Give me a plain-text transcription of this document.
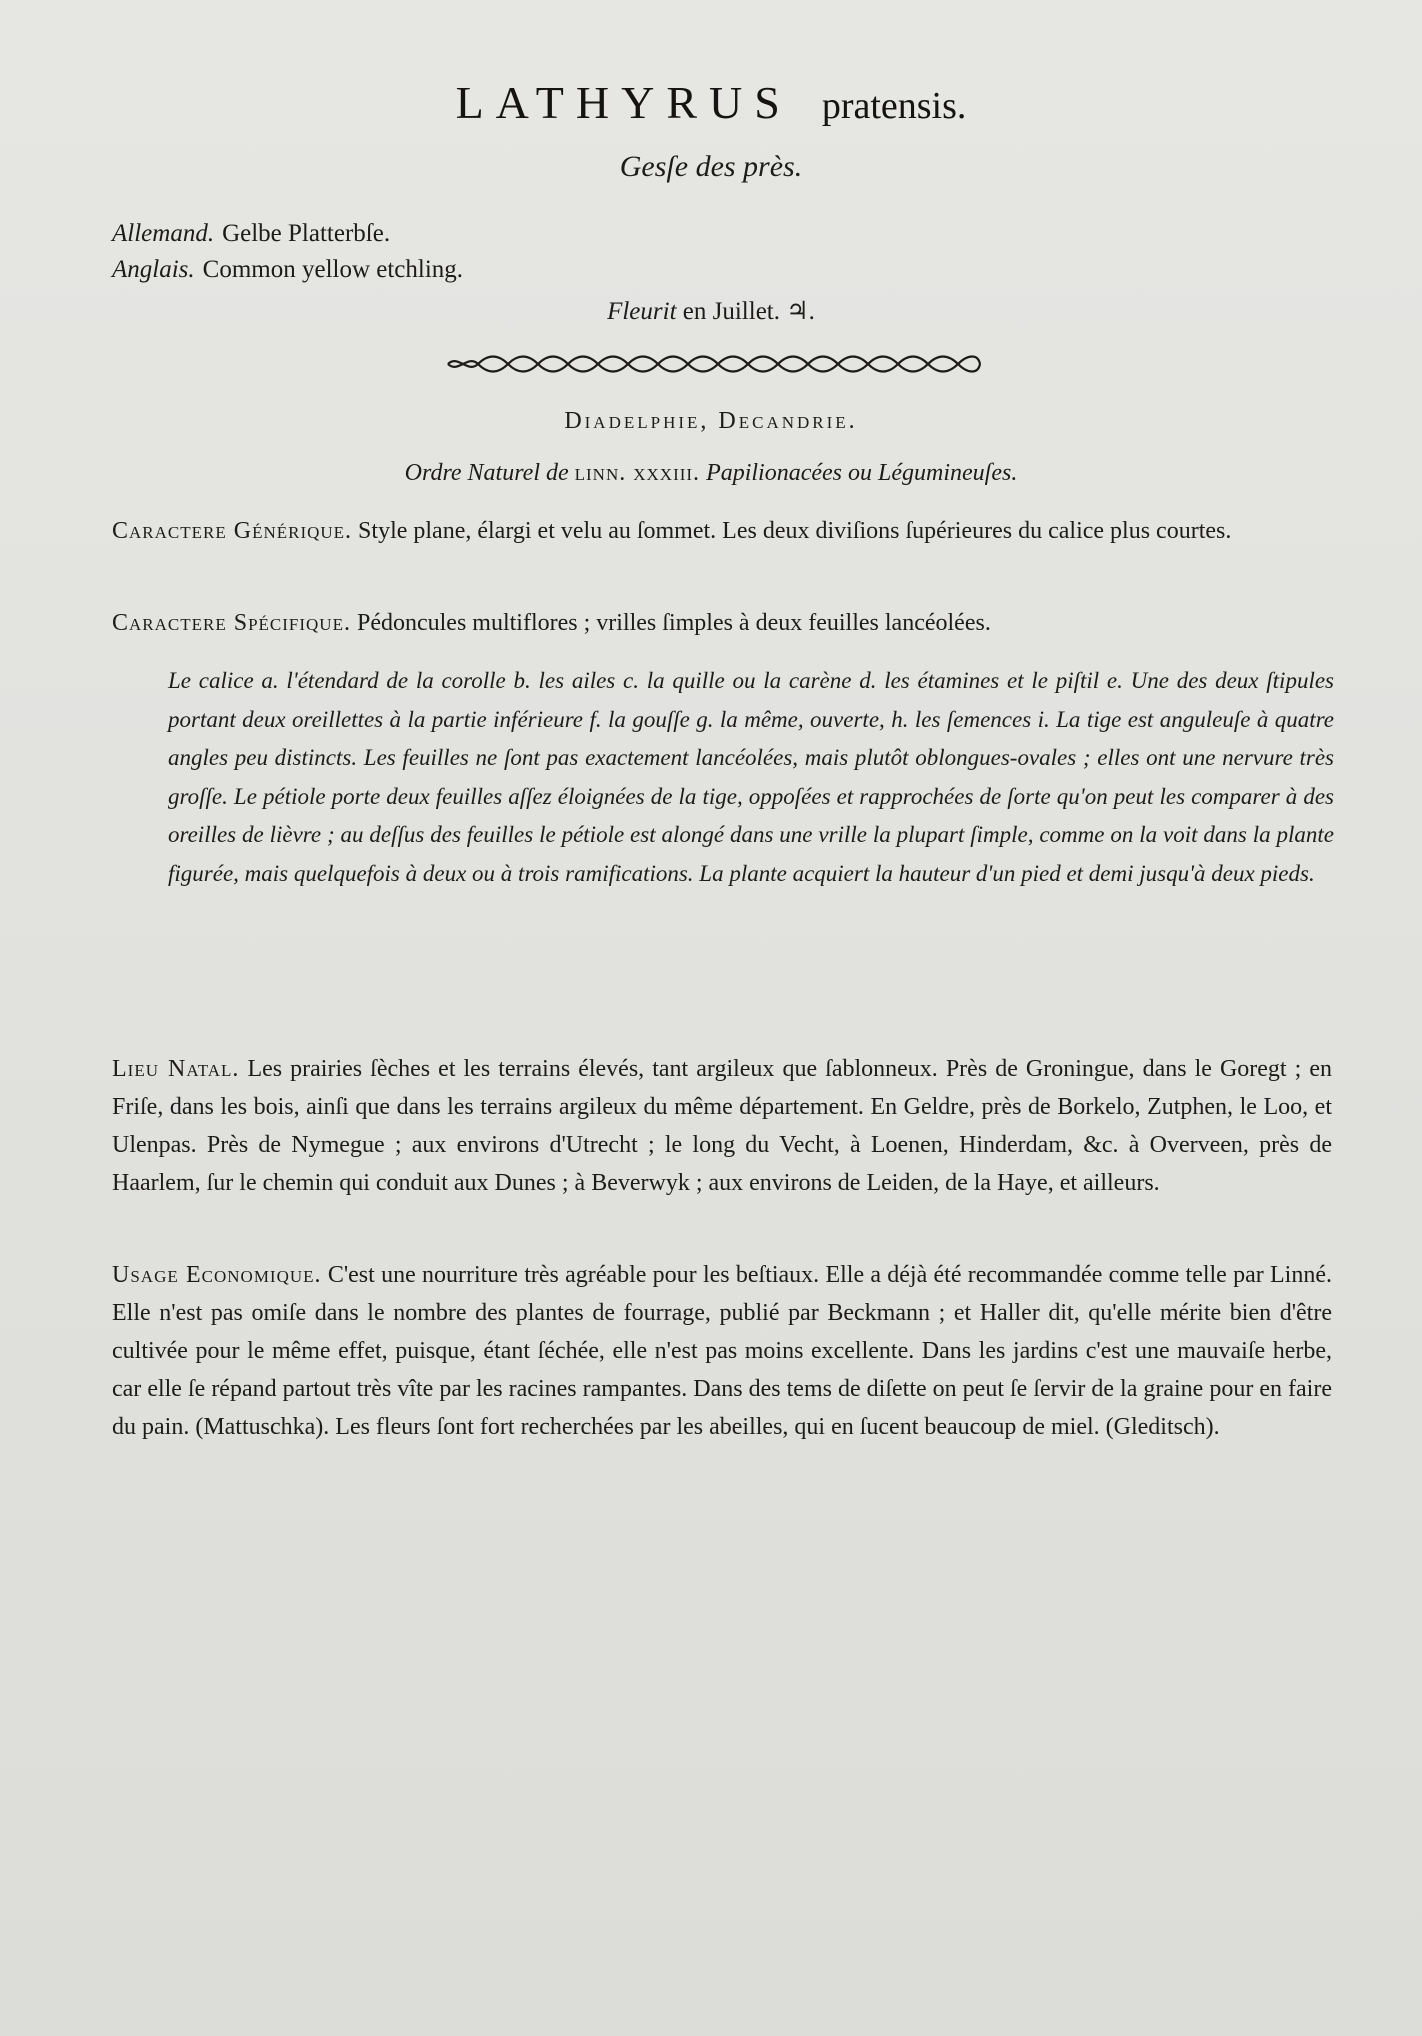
LATHYRUS pratensis.
Gesſe des près.
Allemand. Gelbe Platterbſe.
Anglais. Common yellow etchling.
Fleurit en Juillet. ♃.
Diadelphie, Decandrie.
Ordre Naturel de linn. xxxiii. Papilionacées ou Légumineuſes.
Caractere Générique. Style plane, élargi et velu au ſommet. Les deux diviſions ſupérieures du calice plus courtes.
Caractere Spécifique. Pédoncules multiflores ; vrilles ſimples à deux feuilles lancéolées.
Le calice a. l'étendard de la corolle b. les ailes c. la quille ou la carène d. les étamines et le piſtil e. Une des deux ſtipules portant deux oreillettes à la partie inférieure f. la gouſſe g. la même, ouverte, h. les ſemences i. La tige est anguleuſe à quatre angles peu distincts. Les feuilles ne ſont pas exactement lancéolées, mais plutôt oblongues-ovales ; elles ont une nervure très groſſe. Le pétiole porte deux feuilles aſſez éloignées de la tige, oppoſées et rapprochées de ſorte qu'on peut les comparer à des oreilles de lièvre ; au deſſus des feuilles le pétiole est alongé dans une vrille la plupart ſimple, comme on la voit dans la plante figurée, mais quelquefois à deux ou à trois ramifications. La plante acquiert la hauteur d'un pied et demi jusqu'à deux pieds.
Lieu Natal. Les prairies ſèches et les terrains élevés, tant argileux que ſablonneux. Près de Groningue, dans le Goregt ; en Friſe, dans les bois, ainſi que dans les terrains argileux du même département. En Geldre, près de Borkelo, Zutphen, le Loo, et Ulenpas. Près de Nymegue ; aux environs d'Utrecht ; le long du Vecht, à Loenen, Hinderdam, &c. à Overveen, près de Haarlem, ſur le chemin qui conduit aux Dunes ; à Beverwyk ; aux environs de Leiden, de la Haye, et ailleurs.
Usage Economique. C'est une nourriture très agréable pour les beſtiaux. Elle a déjà été recommandée comme telle par Linné. Elle n'est pas omiſe dans le nombre des plantes de fourrage, publié par Beckmann ; et Haller dit, qu'elle mérite bien d'être cultivée pour le même effet, puisque, étant ſéchée, elle n'est pas moins excellente. Dans les jardins c'est une mauvaiſe herbe, car elle ſe répand partout très vîte par les racines rampantes. Dans des tems de diſette on peut ſe ſervir de la graine pour en faire du pain. (Mattuschka). Les fleurs ſont fort recherchées par les abeilles, qui en ſucent beaucoup de miel. (Gleditsch).
